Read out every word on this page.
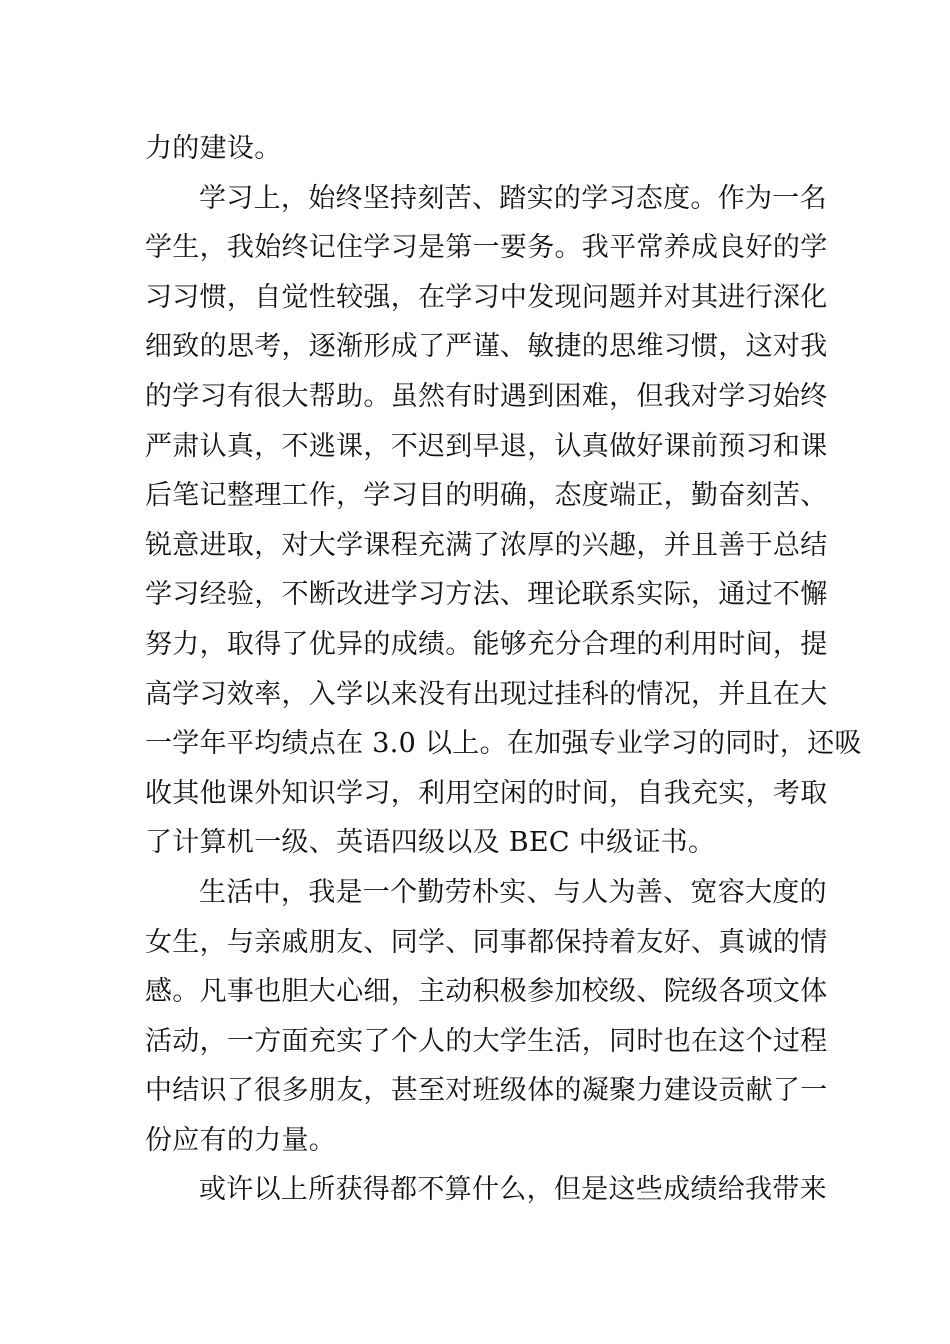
力的建设。
学习上，始终坚持刻苦、踏实的学习态度。作为一名
学生，我始终记住学习是第一要务。我平常养成良好的学
习习惯，自觉性较强，在学习中发现问题并对其进行深化
细致的思考，逐渐形成了严谨、敏捷的思维习惯，这对我
的学习有很大帮助。虽然有时遇到困难，但我对学习始终
严肃认真，不逃课，不迟到早退，认真做好课前预习和课
后笔记整理工作，学习目的明确，态度端正，勤奋刻苦、
锐意进取，对大学课程充满了浓厚的兴趣，并且善于总结
学习经验，不断改进学习方法、理论联系实际，通过不懈
努力，取得了优异的成绩。能够充分合理的利用时间，提
高学习效率，入学以来没有出现过挂科的情况，并且在大
一学年平均绩点在 3.0 以上。在加强专业学习的同时，还吸
收其他课外知识学习，利用空闲的时间，自我充实，考取
了计算机一级、英语四级以及 BEC 中级证书。
生活中，我是一个勤劳朴实、与人为善、宽容大度的
女生，与亲戚朋友、同学、同事都保持着友好、真诚的情
感。凡事也胆大心细，主动积极参加校级、院级各项文体
活动，一方面充实了个人的大学生活，同时也在这个过程
中结识了很多朋友，甚至对班级体的凝聚力建设贡献了一
份应有的力量。
或许以上所获得都不算什么，但是这些成绩给我带来
